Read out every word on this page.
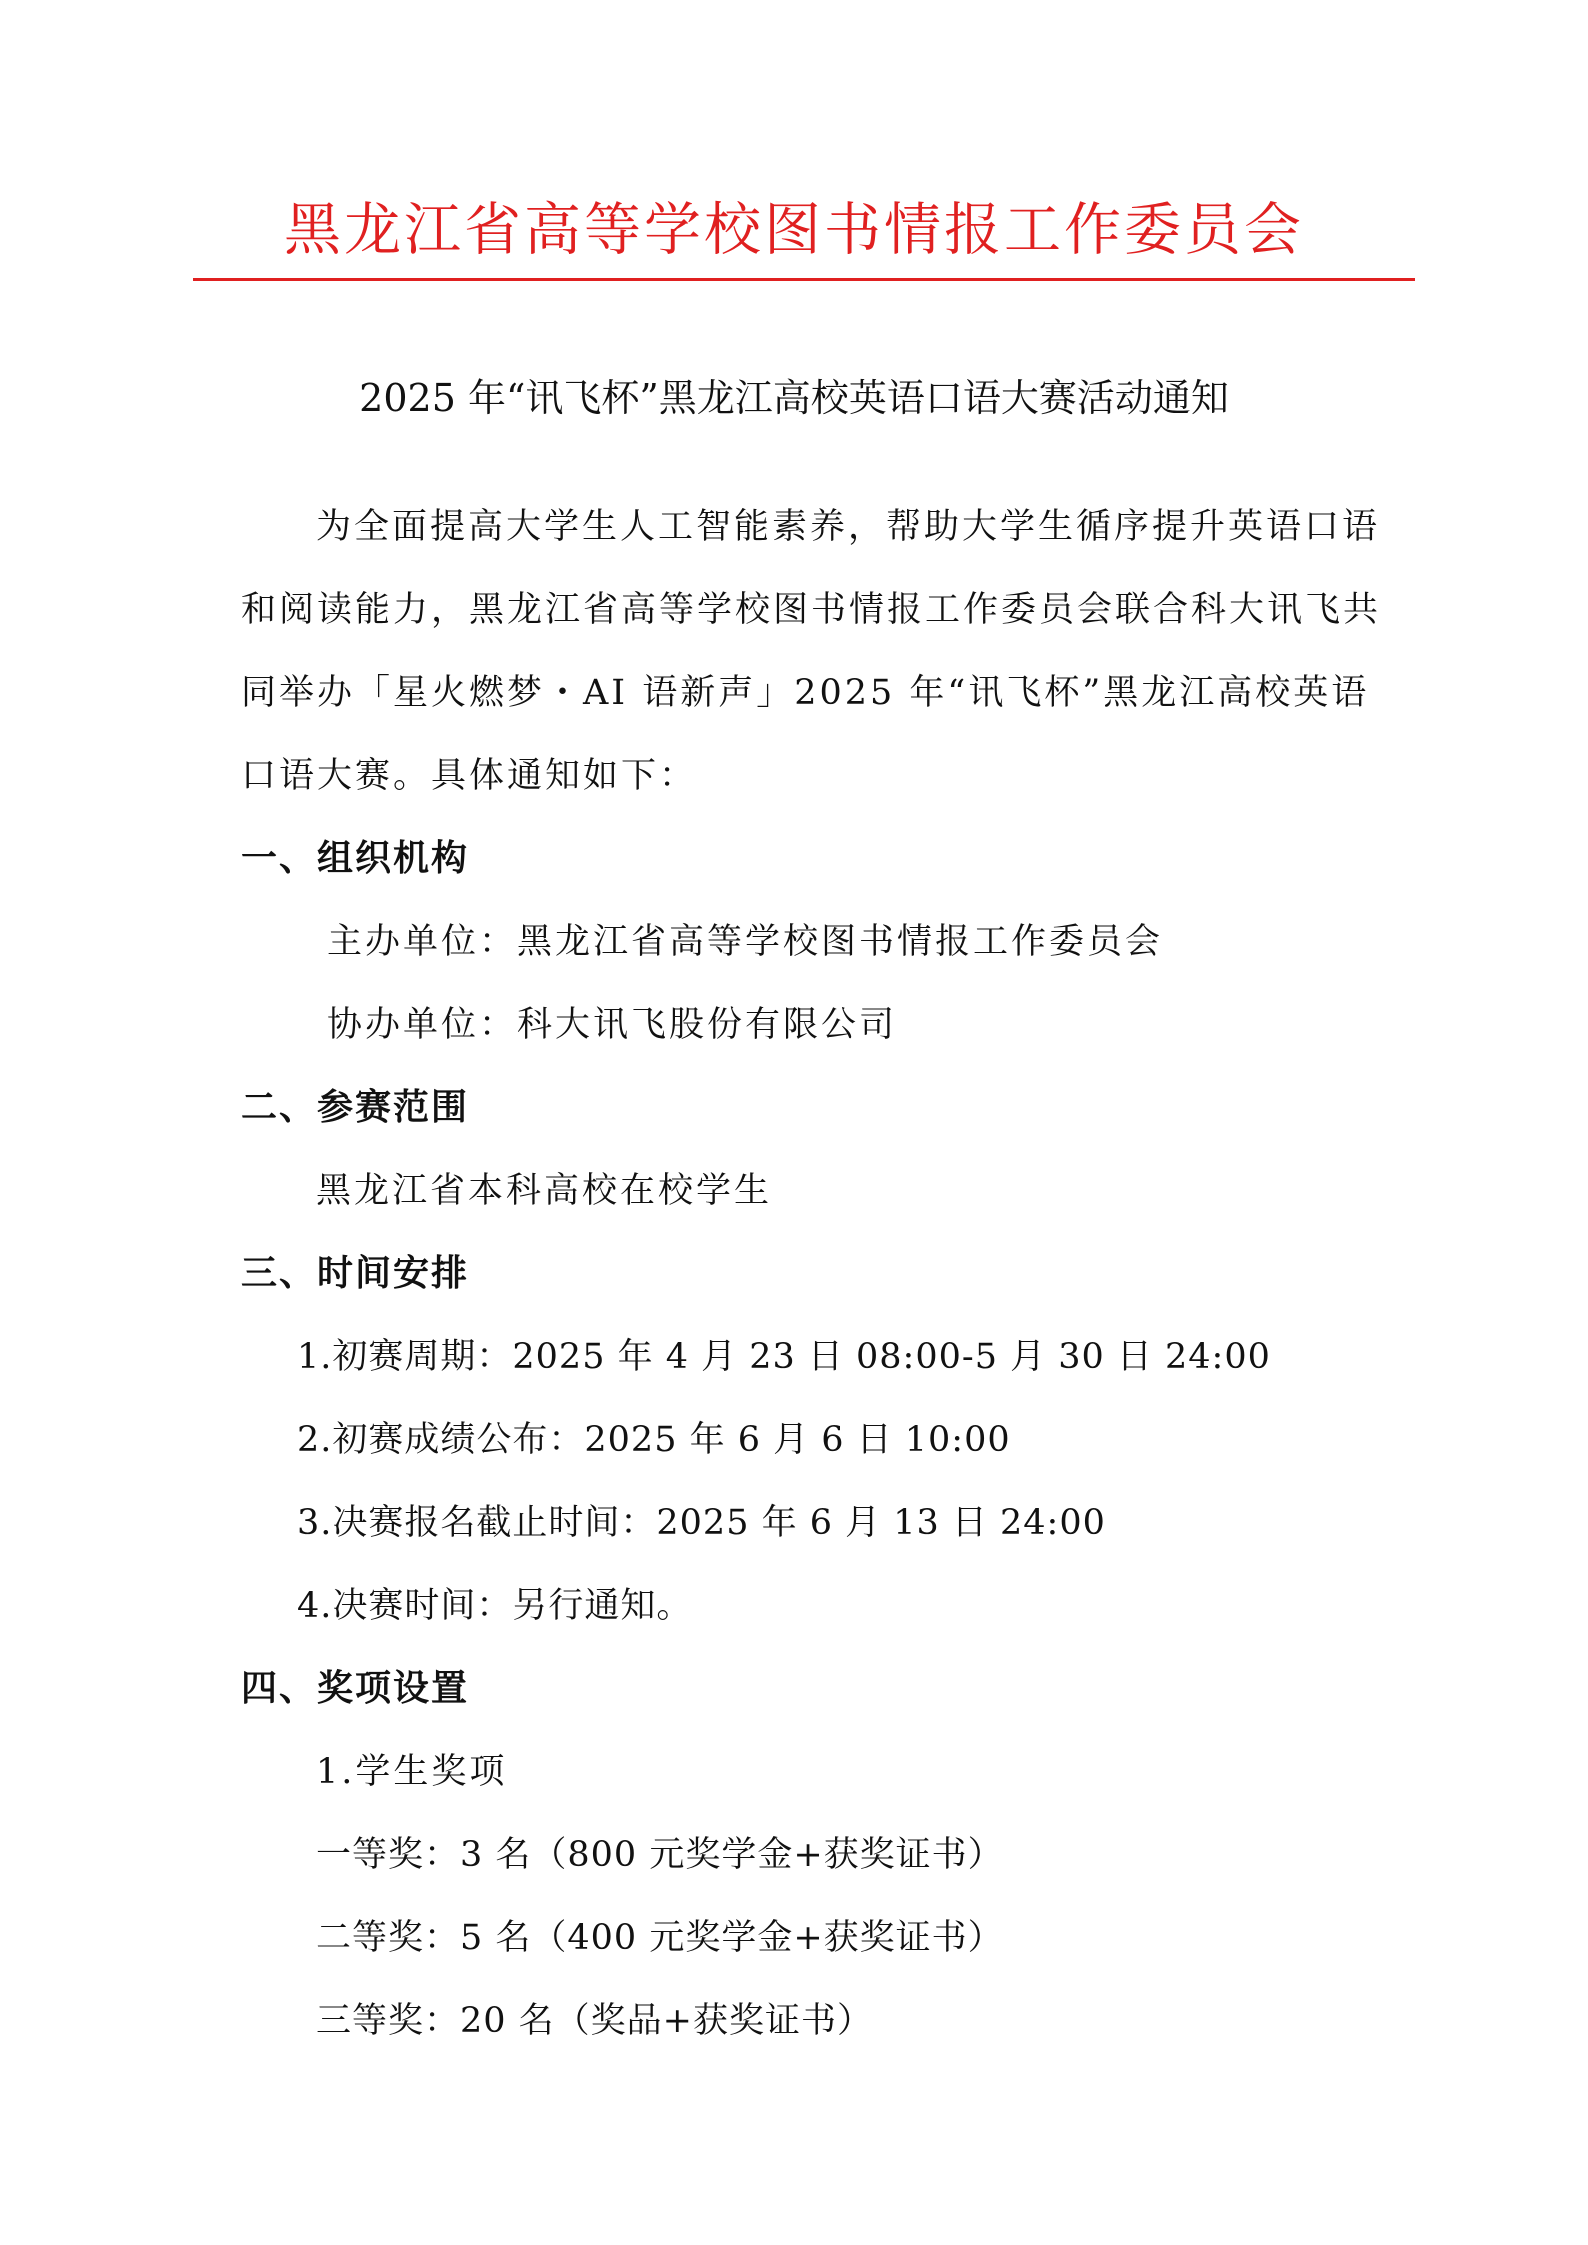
黑龙江省高等学校图书情报工作委员会
2025 年“讯飞杯”黑龙江高校英语口语大赛活动通知
为全面提高大学生人工智能素养，帮助大学生循序提升英语口语
和阅读能力，黑龙江省高等学校图书情报工作委员会联合科大讯飞共
同举办「星火燃梦・AI 语新声」2025 年“讯飞杯”黑龙江高校英语
口语大赛。具体通知如下：
一、组织机构
主办单位：黑龙江省高等学校图书情报工作委员会
协办单位：科大讯飞股份有限公司
二、参赛范围
黑龙江省本科高校在校学生
三、时间安排
1.初赛周期：2025 年 4 月 23 日 08:00-5 月 30 日 24:00
2.初赛成绩公布：2025 年 6 月 6 日 10:00
3.决赛报名截止时间：2025 年 6 月 13 日 24:00
4.决赛时间：另行通知。
四、奖项设置
1.学生奖项
一等奖：3 名（800 元奖学金+获奖证书）
二等奖：5 名（400 元奖学金+获奖证书）
三等奖：20 名（奖品+获奖证书）
